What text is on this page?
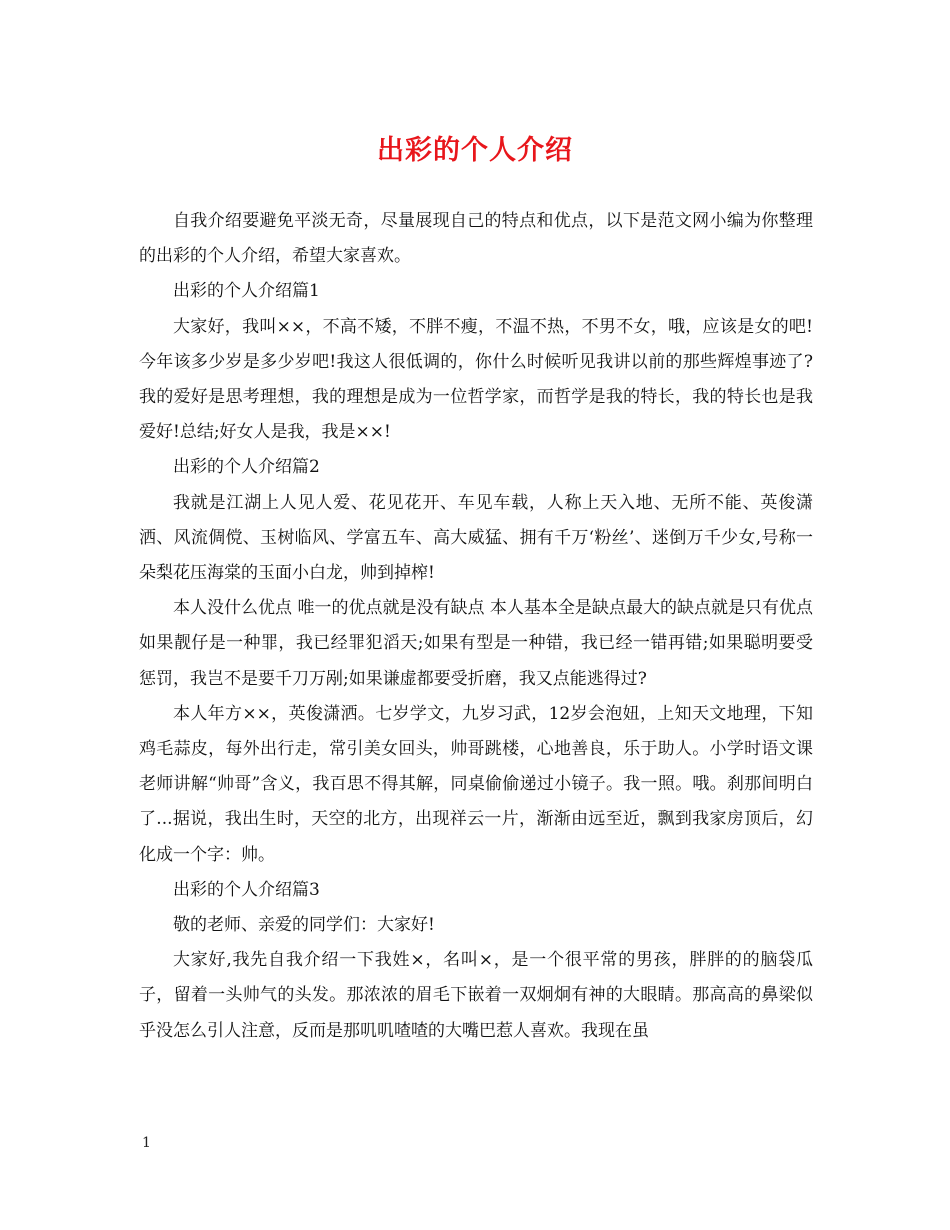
出彩的个人介绍

自我介绍要避免平淡无奇，尽量展现自己的特点和优点，以下是范文网小编为你整理的出彩的个人介绍，希望大家喜欢。

出彩的个人介绍篇1

大家好，我叫××，不高不矮，不胖不瘦，不温不热，不男不女，哦，应该是女的吧!今年该多少岁是多少岁吧!我这人很低调的，你什么时候听见我讲以前的那些辉煌事迹了?我的爱好是思考理想，我的理想是成为一位哲学家，而哲学是我的特长，我的特长也是我爱好!总结;好女人是我，我是××!

出彩的个人介绍篇2

我就是江湖上人见人爱、花见花开、车见车载，人称上天入地、无所不能、英俊潇洒、风流倜傥、玉树临风、学富五车、高大威猛、拥有千万‘粉丝’、迷倒万千少女,号称一朵梨花压海棠的玉面小白龙，帅到掉榨!

本人没什么优点 唯一的优点就是没有缺点 本人基本全是缺点最大的缺点就是只有优点如果靓仔是一种罪，我已经罪犯滔天;如果有型是一种错，我已经一错再错;如果聪明要受惩罚，我岂不是要千刀万剐;如果谦虚都要受折磨，我又点能逃得过?

本人年方××，英俊潇洒。七岁学文，九岁习武，12岁会泡妞，上知天文地理，下知鸡毛蒜皮，每外出行走，常引美女回头，帅哥跳楼，心地善良，乐于助人。小学时语文课老师讲解“帅哥”含义，我百思不得其解，同桌偷偷递过小镜子。我一照。哦。刹那间明白了...据说，我出生时，天空的北方，出现祥云一片，渐渐由远至近，飘到我家房顶后，幻化成一个字：帅。

出彩的个人介绍篇3

敬的老师、亲爱的同学们：大家好!

大家好,我先自我介绍一下我姓×，名叫×，是一个很平常的男孩，胖胖的的脑袋瓜子，留着一头帅气的头发。那浓浓的眉毛下嵌着一双炯炯有神的大眼睛。那高高的鼻梁似乎没怎么引人注意，反而是那叽叽喳喳的大嘴巴惹人喜欢。我现在虽

1
